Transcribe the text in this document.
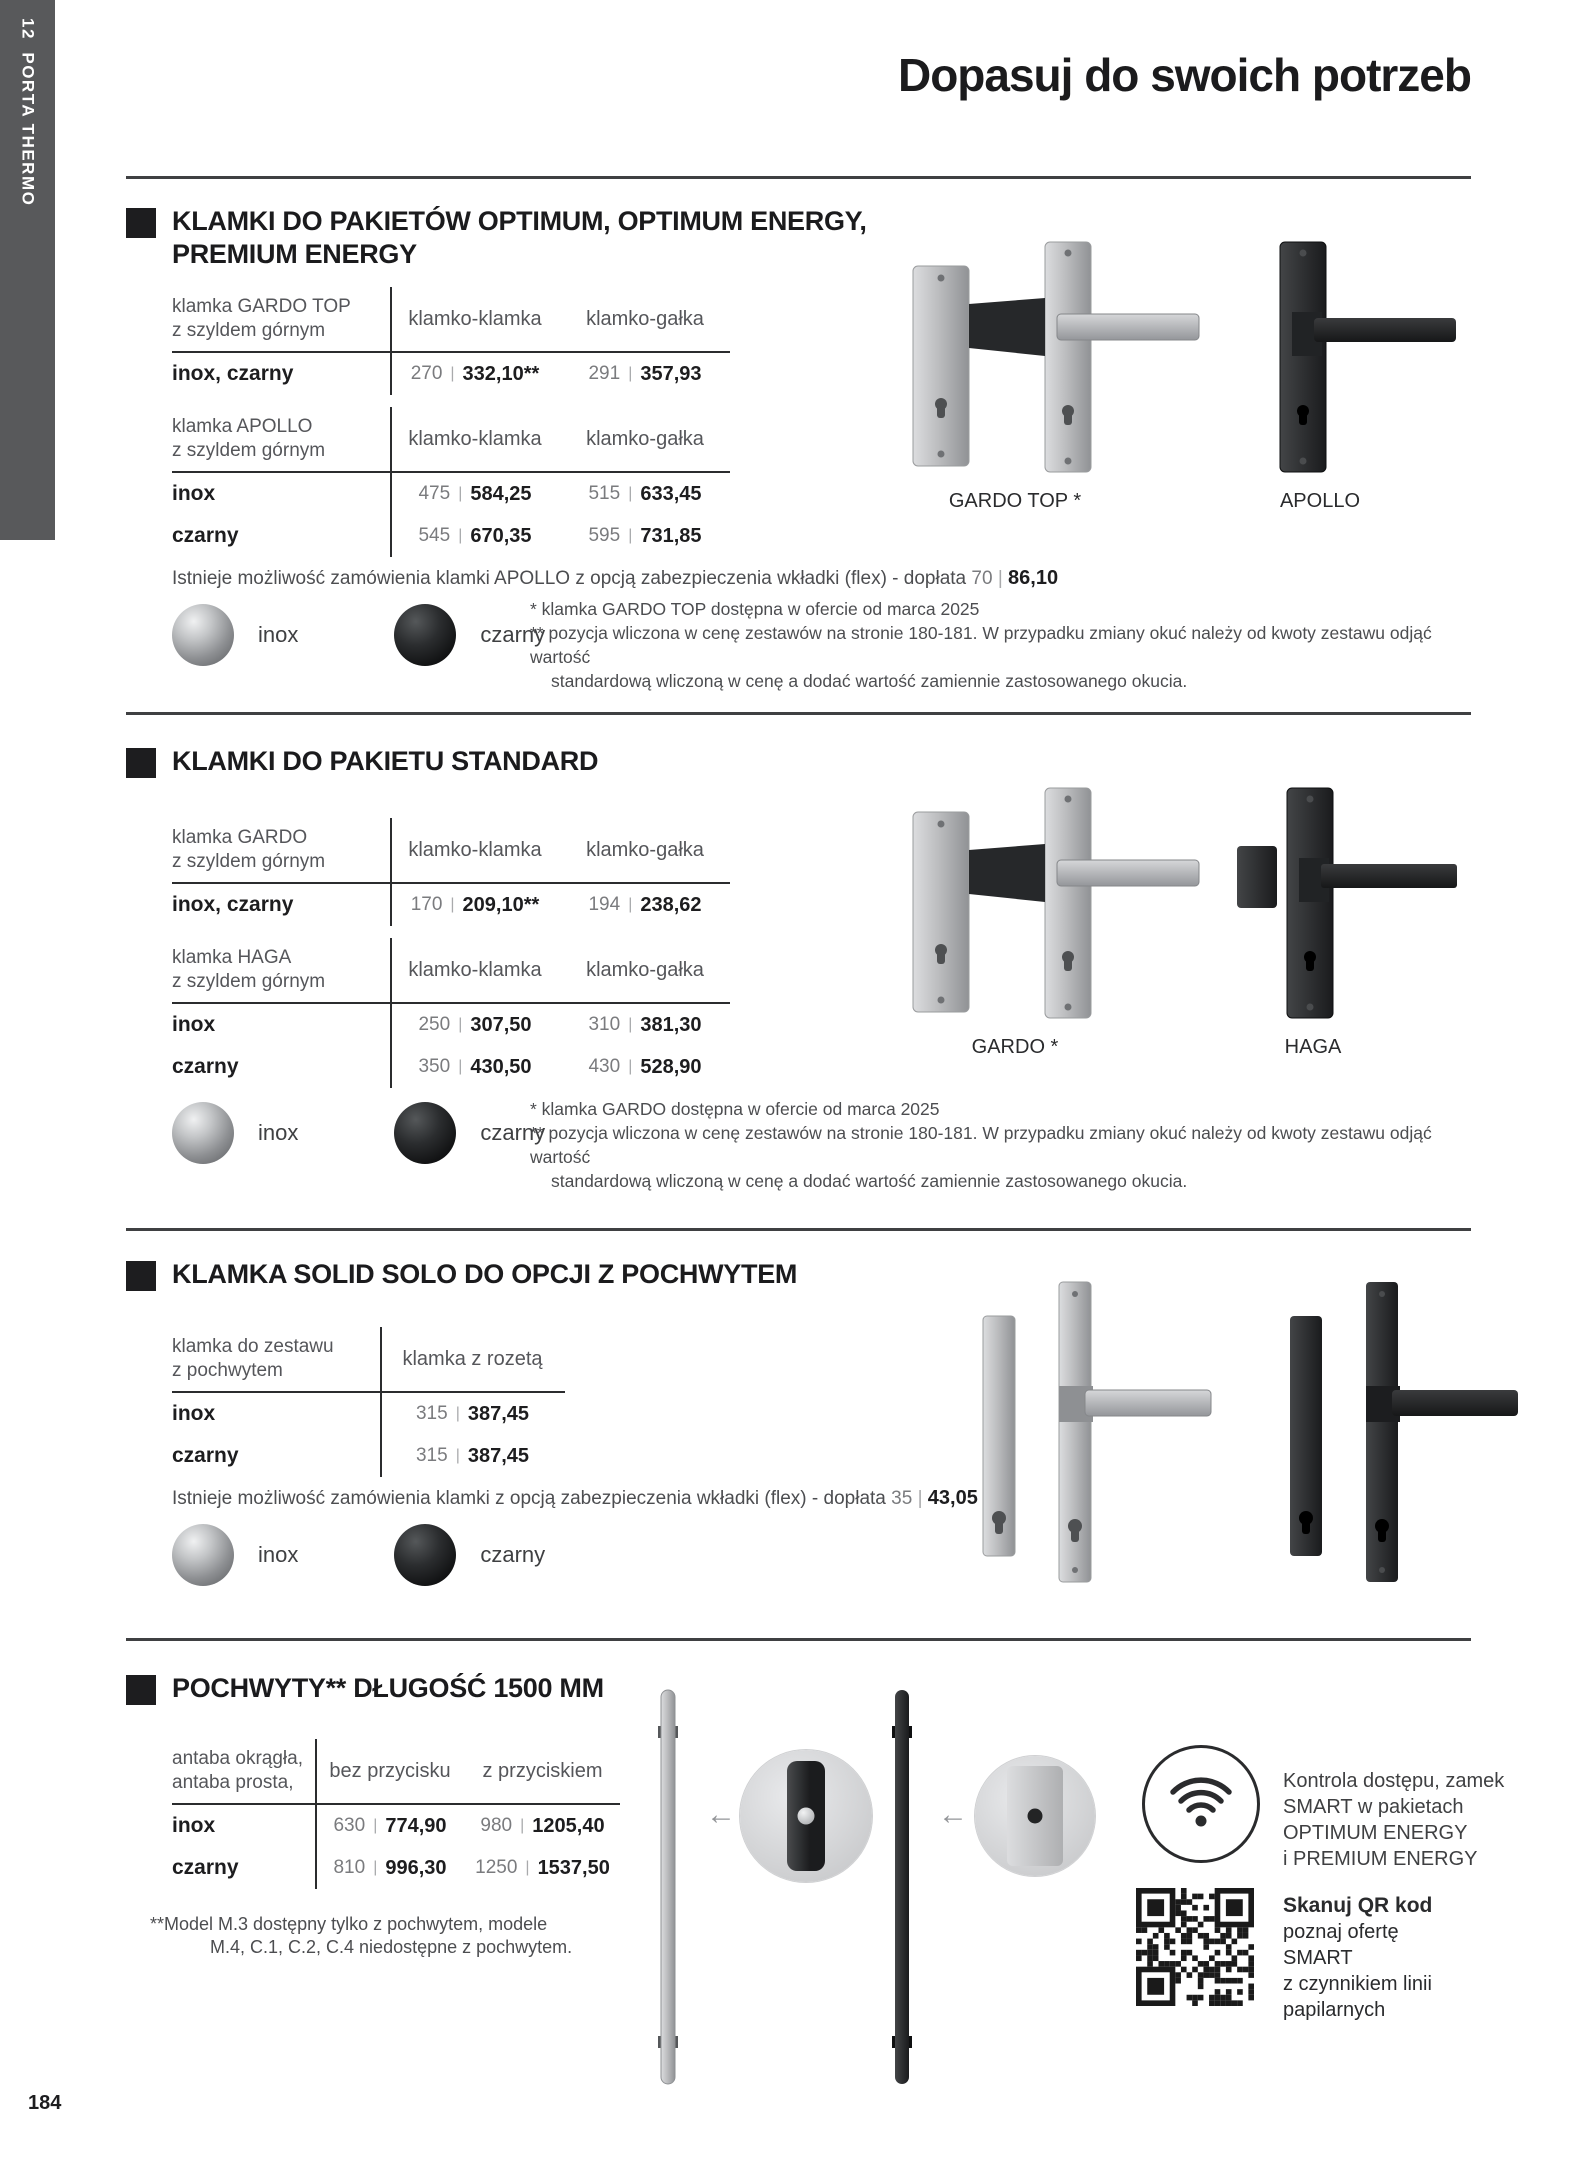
12  PORTA THERMO	Dopasuj do swoich potrzeb
KLAMKI DO PAKIETÓW OPTIMUM, OPTIMUM ENERGY,
PREMIUM ENERGY
klamka GARDO TOP
z szyldem górnym
klamko-klamka	klamko-gałka
inox, czarny	270 | 332,10**	291 | 357,93
klamka APOLLO
z szyldem górnym
klamko-klamka	klamko-gałka
inox	475 | 584,25	515 | 633,45
czarny	545 | 670,35	595 | 731,85
Istnieje możliwość zamówienia klamki APOLLO z opcją zabezpieczenia wkładki (flex) - dopłata 70 | 86,10
inox	czarny
* klamka GARDO TOP dostępna w ofercie od marca 2025
** pozycja wliczona w cenę zestawów na stronie 180-181. W przypadku zmiany okuć należy od kwoty zestawu odjąć wartość
standardową wliczoną w cenę a dodać wartość zamiennie zastosowanego okucia.
GARDO TOP *	APOLLO
KLAMKI DO PAKIETU STANDARD
klamka GARDO
z szyldem górnym
klamko-klamka	klamko-gałka
inox, czarny	170 | 209,10**	194 | 238,62
klamka HAGA
z szyldem górnym
klamko-klamka	klamko-gałka
inox	250 | 307,50	310 | 381,30
czarny	350 | 430,50	430 | 528,90
inox	czarny
* klamka GARDO dostępna w ofercie od marca 2025
** pozycja wliczona w cenę zestawów na stronie 180-181. W przypadku zmiany okuć należy od kwoty zestawu odjąć wartość
standardową wliczoną w cenę a dodać wartość zamiennie zastosowanego okucia.
GARDO *	HAGA
KLAMKA SOLID SOLO DO OPCJI Z POCHWYTEM
klamka do zestawu
z pochwytem
klamka z rozetą
inox	315 | 387,45
czarny	315 | 387,45
Istnieje możliwość zamówienia klamki z opcją zabezpieczenia wkładki (flex) - dopłata 35 | 43,05
inox	czarny
POCHWYTY** DŁUGOŚĆ 1500 MM
antaba okrągła,
antaba prosta,
bez przycisku	z przyciskiem
inox	630 | 774,90 980 | 1205,40
czarny	810 | 996,30 1250 | 1537,50
**Model M.3 dostępny tylko z pochwytem, modele
M.4, C.1, C.2, C.4 niedostępne z pochwytem.
←	←
Kontrola dostępu, zamek
SMART w pakietach
OPTIMUM ENERGY
i PREMIUM ENERGY
Skanuj QR kod
poznaj ofertę
SMART
z czynnikiem linii
papilarnych
184
